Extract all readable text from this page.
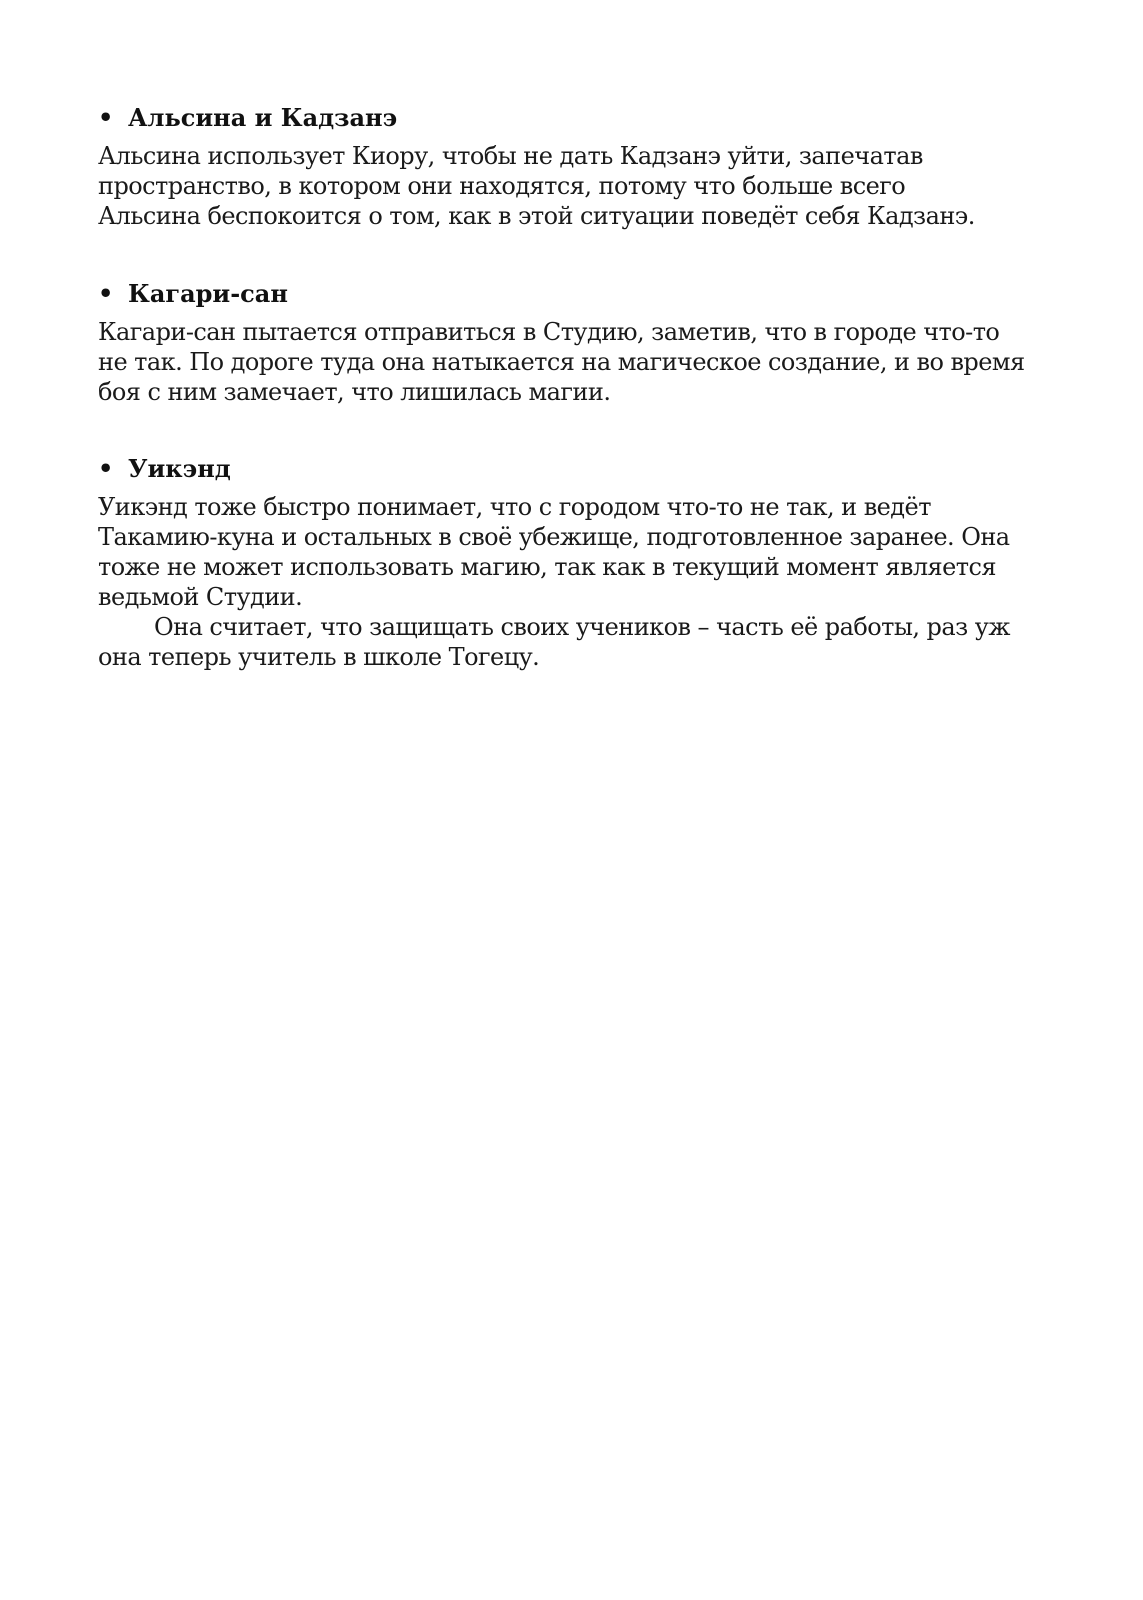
• Альсина и Кадзанэ
Альсина использует Киору, чтобы не дать Кадзанэ уйти, запечатав
пространство, в котором они находятся, потому что больше всего
Альсина беспокоится о том, как в этой ситуации поведёт себя Кадзанэ.
• Кагари-сан
Кагари-сан пытается отправиться в Студию, заметив, что в городе что-то
не так. По дороге туда она натыкается на магическое создание, и во время
боя с ним замечает, что лишилась магии.
• Уикэнд
Уикэнд тоже быстро понимает, что с городом что-то не так, и ведёт
Такамию-куна и остальных в своё убежище, подготовленное заранее. Она
тоже не может использовать магию, так как в текущий момент является
ведьмой Студии.
Она считает, что защищать своих учеников – часть её работы, раз уж
она теперь учитель в школе Тогецу.
